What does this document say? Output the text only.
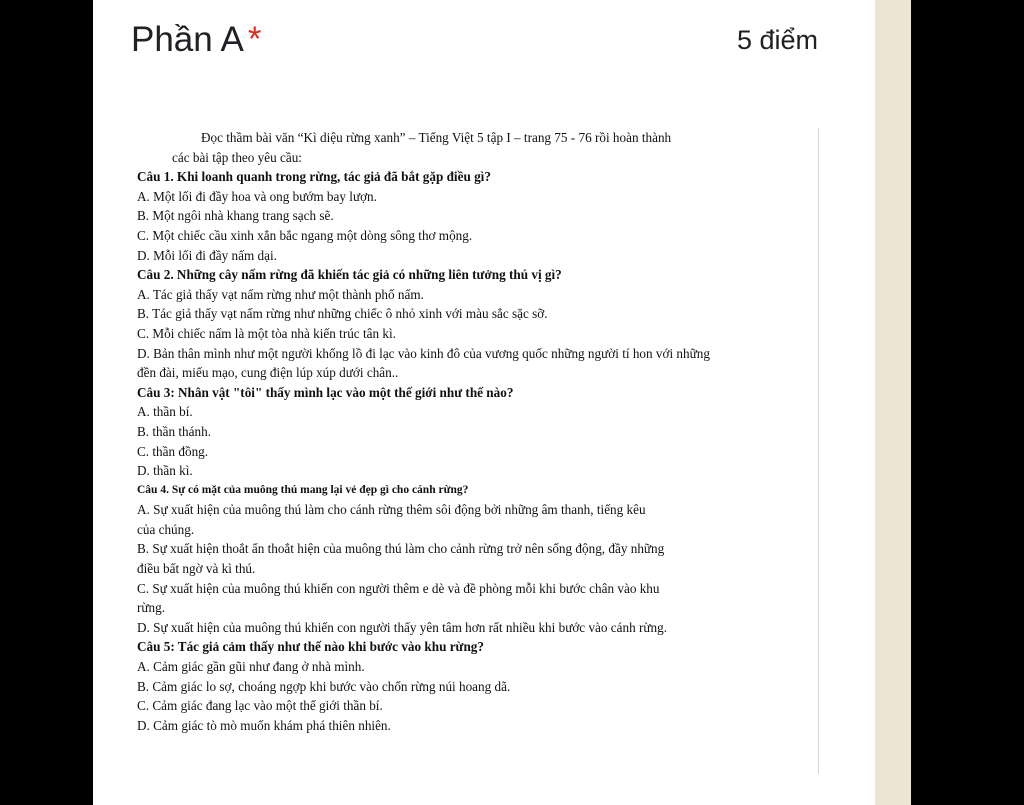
Phần A *	5 điểm
Đọc thầm bài văn “Kì diệu rừng xanh” – Tiếng Việt 5 tập I – trang 75 - 76 rồi hoàn thành
các bài tập theo yêu cầu:
Câu 1. Khi loanh quanh trong rừng, tác giả đã bắt gặp điều gì?
A. Một lối đi đầy hoa và ong bướm bay lượn.
B. Một ngôi nhà khang trang sạch sẽ.
C. Một chiếc cầu xinh xắn bắc ngang một dòng sông thơ mộng.
D. Mỗi lối đi đầy nấm dại.
Câu 2. Những cây nấm rừng đã khiến tác giả có những liên tưởng thú vị gì?
A. Tác giả thấy vạt nấm rừng như một thành phố nấm.
B. Tác giả thấy vạt nấm rừng như những chiếc ô nhỏ xinh với màu sắc sặc sỡ.
C. Mỗi chiếc nấm là một tòa nhà kiến trúc tân kì.
D. Bản thân mình như một người khổng lồ đi lạc vào kinh đô của vương quốc những người tí hon với những
đền đài, miếu mạo, cung điện lúp xúp dưới chân..
Câu 3: Nhân vật "tôi" thấy mình lạc vào một thế giới như thế nào?
A. thần bí.
B. thần thánh.
C. thần đồng.
D. thần kì.
Câu 4. Sự có mặt của muông thú mang lại vẻ đẹp gì cho cánh rừng?
A. Sự xuất hiện của muông thú làm cho cánh rừng thêm sôi động bởi những âm thanh, tiếng kêu
của chúng.
B. Sự xuất hiện thoắt ẩn thoắt hiện của muông thú làm cho cảnh rừng trở nên sống động, đầy những
điều bất ngờ và kì thú.
C. Sự xuất hiện của muông thú khiến con người thêm e dè và đề phòng mỗi khi bước chân vào khu
rừng.
D. Sự xuất hiện của muông thú khiến con người thấy yên tâm hơn rất nhiều khi bước vào cánh rừng.
Câu 5: Tác giả cảm thấy như thế nào khi bước vào khu rừng?
A. Cảm giác gần gũi như đang ở nhà mình.
B. Cảm giác lo sợ, choáng ngợp khi bước vào chốn rừng núi hoang dã.
C. Cảm giác đang lạc vào một thế giới thần bí.
D. Cảm giác tò mò muốn khám phá thiên nhiên.
